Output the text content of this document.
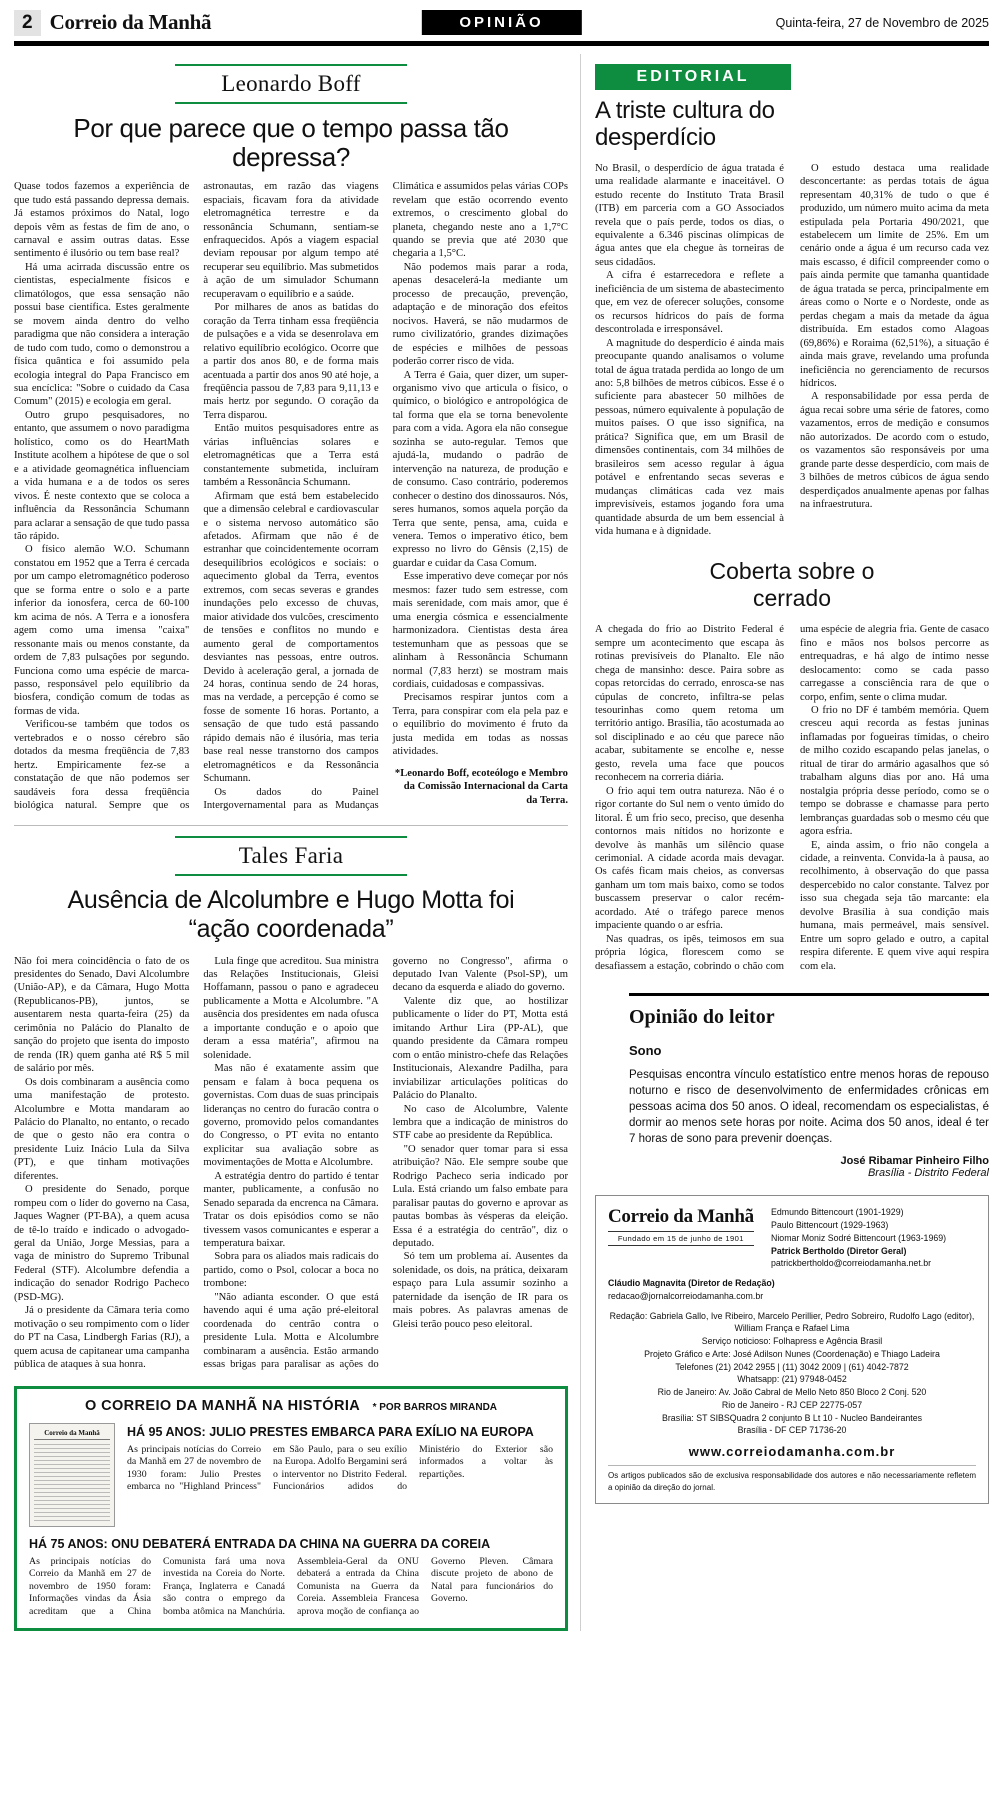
2 Correio da Manhã	OPINIÃO	Quinta-feira, 27 de Novembro de 2025
Leonardo Boff
Por que parece que o tempo passa tão depressa?

Quase todos fazemos a experiência de que tudo está passando depressa demais. Já estamos próximos do Natal, logo depois vêm as festas de fim de ano, o carnaval e assim outras datas. Esse sentimento é ilusório ou tem base real?

Há uma acirrada discussão entre os cientistas, especialmente físicos e climatólogos, que essa sensação não possui base científica. Estes geralmente se movem ainda dentro do velho paradigma que não considera a interação de tudo com tudo, como o demonstrou a física quântica e foi assumido pela ecologia integral do Papa Francisco em sua encíclica: "Sobre o cuidado da Casa Comum" (2015) e ecologia em geral.

Outro grupo pesquisadores, no entanto, que assumem o novo paradigma holístico, como os do HeartMath Institute acolhem a hipótese de que o sol e a atividade geomagnética influenciam a vida humana e a de todos os seres vivos. É neste contexto que se coloca a influência da Ressonância Schumann para aclarar a sensação de que tudo passa tão rápido.

O físico alemão W.O. Schumann constatou em 1952 que a Terra é cercada por um campo eletromagnético poderoso que se forma entre o solo e a parte inferior da ionosfera, cerca de 60-100 km acima de nós. A Terra e a ionosfera agem como uma imensa "caixa" ressonante mais ou menos constante, da ordem de 7,83 pulsações por segundo. Funciona como uma espécie de marca-passo, responsável pelo equilíbrio da biosfera, condição comum de todas as formas de vida.

Verificou-se também que todos os vertebrados e o nosso cérebro são dotados da mesma freqüência de 7,83 hertz. Empiricamente fez-se a constatação de que não podemos ser saudáveis fora dessa freqüência biológica natural. Sempre que os astronautas, em razão das viagens espaciais, ficavam fora da atividade eletromagnética terrestre e da ressonância Schumann, sentiam-se enfraquecidos. Após a viagem espacial deviam repousar por algum tempo até recuperar seu equilíbrio. Mas submetidos à ação de um simulador Schumann recuperavam o equilíbrio e a saúde.

Por milhares de anos as batidas do coração da Terra tinham essa freqüência de pulsações e a vida se desenrolava em relativo equilíbrio ecológico. Ocorre que a partir dos anos 80, e de forma mais acentuada a partir dos anos 90 até hoje, a freqüência passou de 7,83 para 9,11,13 e mais hertz por segundo. O coração da Terra disparou.

Então muitos pesquisadores entre as várias influências solares e eletromagnéticas que a Terra está constantemente submetida, incluíram também a Ressonância Schumann.

Afirmam que está bem estabelecido que a dimensão celebral e cardiovascular e o sistema nervoso automático são afetados. Afirmam que não é de estranhar que coincidentemente ocorram desequilíbrios ecológicos e sociais: o aquecimento global da Terra, eventos extremos, com secas severas e grandes inundações pelo excesso de chuvas, maior atividade dos vulcões, crescimento de tensões e conflitos no mundo e aumento geral de comportamentos desviantes nas pessoas, entre outros. Devido à aceleração geral, a jornada de 24 horas, continua sendo de 24 horas, mas na verdade, a percepção é como se fosse de somente 16 horas. Portanto, a sensação de que tudo está passando rápido demais não é ilusória, mas teria base real nesse transtorno dos campos eletromagnéticos e da Ressonância Schumann.

Os dados do Painel Intergovernamental para as Mudanças Climática e assumidos pelas várias COPs revelam que estão ocorrendo evento extremos, o crescimento global do planeta, chegando neste ano a 1,7°C quando se previa que até 2030 que chegaria a 1,5°C.

Não podemos mais parar a roda, apenas desacelerá-la mediante um processo de precaução, prevenção, adaptação e de minoração dos efeitos nocivos. Haverá, se não mudarmos de rumo civilizatório, grandes dizimações de espécies e milhões de pessoas poderão correr risco de vida.

A Terra é Gaia, quer dizer, um super-organismo vivo que articula o físico, o químico, o biológico e antropológica de tal forma que ela se torna benevolente para com a vida. Agora ela não consegue sozinha se auto-regular. Temos que ajudá-la, mudando o padrão de intervenção na natureza, de produção e de consumo. Caso contrário, poderemos conhecer o destino dos dinossauros. Nós, seres humanos, somos aquela porção da Terra que sente, pensa, ama, cuida e venera. Temos o imperativo ético, bem expresso no livro do Gênsis (2,15) de guardar e cuidar da Casa Comum.

Esse imperativo deve começar por nós mesmos: fazer tudo sem estresse, com mais serenidade, com mais amor, que é uma energia cósmica e essencialmente harmonizadora. Cientistas desta área testemunham que as pessoas que se alinham à Ressonância Schumann normal (7,83 herzt) se mostram mais cordiais, cuidadosas e compassivas.

Precisamos respirar juntos com a Terra, para conspirar com ela pela paz e o equilíbrio do movimento é fruto da justa medida em todas as nossas atividades.

*Leonardo Boff, ecoteólogo e Membro da Comissão Internacional da Carta da Terra.
Tales Faria
Ausência de Alcolumbre e Hugo Motta foi “ação coordenada”

Não foi mera coincidência o fato de os presidentes do Senado, Davi Alcolumbre (União-AP), e da Câmara, Hugo Motta (Republicanos-PB), juntos, se ausentarem nesta quarta-feira (25) da cerimônia no Palácio do Planalto de sanção do projeto que isenta do imposto de renda (IR) quem ganha até R$ 5 mil de salário por mês.

Os dois combinaram a ausência como uma manifestação de protesto. Alcolumbre e Motta mandaram ao Palácio do Planalto, no entanto, o recado de que o gesto não era contra o presidente Luiz Inácio Lula da Silva (PT), e que tinham motivações diferentes.

O presidente do Senado, porque rompeu com o líder do governo na Casa, Jaques Wagner (PT-BA), a quem acusa de tê-lo traído e indicado o advogado-geral da União, Jorge Messias, para a vaga de ministro do Supremo Tribunal Federal (STF). Alcolumbre defendia a indicação do senador Rodrigo Pacheco (PSD-MG).

Já o presidente da Câmara teria como motivação o seu rompimento com o líder do PT na Casa, Lindbergh Farias (RJ), a quem acusa de capitanear uma campanha pública de ataques à sua honra.

Lula finge que acreditou. Sua ministra das Relações Institucionais, Gleisi Hoffamann, passou o pano e agradeceu publicamente a Motta e Alcolumbre. "A ausência dos presidentes em nada ofusca a importante condução e o apoio que deram a essa matéria", afirmou na solenidade.

Mas não é exatamente assim que pensam e falam à boca pequena os governistas. Com duas de suas principais lideranças no centro do furacão contra o governo, promovido pelos comandantes do Congresso, o PT evita no entanto explicitar sua avaliação sobre as movimentações de Motta e Alcolumbre.

A estratégia dentro do partido é tentar manter, publicamente, a confusão no Senado separada da encrenca na Câmara. Tratar os dois episódios como se não tivessem vasos comunicantes e esperar a temperatura baixar.

Sobra para os aliados mais radicais do partido, como o Psol, colocar a boca no trombone:

"Não adianta esconder. O que está havendo aqui é uma ação pré-eleitoral coordenada do centrão contra o presidente Lula. Motta e Alcolumbre combinaram a ausência. Estão armando essas brigas para paralisar as ações do governo no Congresso", afirma o deputado Ivan Valente (Psol-SP), um decano da esquerda e aliado do governo.

Valente diz que, ao hostilizar publicamente o líder do PT, Motta está imitando Arthur Lira (PP-AL), que quando presidente da Câmara rompeu com o então ministro-chefe das Relações Institucionais, Alexandre Padilha, para inviabilizar articulações políticas do Palácio do Planalto.

No caso de Alcolumbre, Valente lembra que a indicação de ministros do STF cabe ao presidente da República.

"O senador quer tomar para si essa atribuição? Não. Ele sempre soube que Rodrigo Pacheco seria indicado por Lula. Está criando um falso embate para paralisar pautas do governo e aprovar as pautas bombas às vésperas da eleição. Essa é a estratégia do centrão", diz o deputado.

Só tem um problema aí. Ausentes da solenidade, os dois, na prática, deixaram espaço para Lula assumir sozinho a paternidade da isenção de IR para os mais pobres. As palavras amenas de Gleisi terão pouco peso eleitoral.

O CORREIO DA MANHÃ NA HISTÓRIA * POR BARROS MIRANDA
Correio da Manhã	HÁ 95 ANOS: JULIO PRESTES EMBARCA PARA EXÍLIO NA EUROPA
As principais notícias do Correio da Manhã em 27 de novembro de 1930 foram: Julio Prestes embarca no "Highland Princess" em São Paulo, para o seu exílio na Europa. Adolfo Bergamini será o interventor no Distrito Federal. Funcionários adidos do Ministério do Exterior são informados a voltar às repartições.
HÁ 75 ANOS: ONU DEBATERÁ ENTRADA DA CHINA NA GUERRA DA COREIA
As principais notícias do Correio da Manhã em 27 de novembro de 1950 foram: Informações vindas da Ásia acreditam que a China Comunista fará uma nova investida na Coreia do Norte. França, Inglaterra e Canadá são contra o emprego da bomba atômica na Manchúria. Assembleia-Geral da ONU debaterá a entrada da China Comunista na Guerra da Coreia. Assembleia Francesa aprova moção de confiança ao Governo Pleven. Câmara discute projeto de abono de Natal para funcionários do Governo.
EDITORIAL
A triste cultura do desperdício

No Brasil, o desperdício de água tratada é uma realidade alarmante e inaceitável. O estudo recente do Instituto Trata Brasil (ITB) em parceria com a GO Associados revela que o país perde, todos os dias, o equivalente a 6.346 piscinas olímpicas de água antes que ela chegue às torneiras de seus cidadãos.

A cifra é estarrecedora e reflete a ineficiência de um sistema de abastecimento que, em vez de oferecer soluções, consome os recursos hídricos do país de forma descontrolada e irresponsável.

A magnitude do desperdício é ainda mais preocupante quando analisamos o volume total de água tratada perdida ao longo de um ano: 5,8 bilhões de metros cúbicos. Esse é o suficiente para abastecer 50 milhões de pessoas, número equivalente à população de muitos países. O que isso significa, na prática? Significa que, em um Brasil de dimensões continentais, com 34 milhões de brasileiros sem acesso regular à água potável e enfrentando secas severas e mudanças climáticas cada vez mais imprevisíveis, estamos jogando fora uma quantidade absurda de um bem essencial à vida humana e à dignidade.

O estudo destaca uma realidade desconcertante: as perdas totais de água representam 40,31% de tudo o que é produzido, um número muito acima da meta estipulada pela Portaria 490/2021, que estabelecem um limite de 25%. Em um cenário onde a água é um recurso cada vez mais escasso, é difícil compreender como o país ainda permite que tamanha quantidade de água tratada se perca, principalmente em áreas como o Norte e o Nordeste, onde as perdas chegam a mais da metade da água distribuída. Em estados como Alagoas (69,86%) e Roraima (62,51%), a situação é ainda mais grave, revelando uma profunda ineficiência no gerenciamento de recursos hídricos.

A responsabilidade por essa perda de água recai sobre uma série de fatores, como vazamentos, erros de medição e consumos não autorizados. De acordo com o estudo, os vazamentos são responsáveis por uma grande parte desse desperdício, com mais de 3 bilhões de metros cúbicos de água sendo desperdiçados anualmente apenas por falhas na infraestrutura.

Coberta sobre o cerrado

A chegada do frio ao Distrito Federal é sempre um acontecimento que escapa às rotinas previsíveis do Planalto. Ele não chega de mansinho: desce. Paira sobre as copas retorcidas do cerrado, enrosca-se nas cúpulas de concreto, infiltra-se pelas tesourinhas como quem retoma um território antigo. Brasília, tão acostumada ao sol disciplinado e ao céu que parece não acabar, subitamente se encolhe e, nesse gesto, revela uma face que poucos reconhecem na correria diária.

O frio aqui tem outra natureza. Não é o rigor cortante do Sul nem o vento úmido do litoral. É um frio seco, preciso, que desenha contornos mais nítidos no horizonte e devolve às manhãs um silêncio quase cerimonial. A cidade acorda mais devagar. Os cafés ficam mais cheios, as conversas ganham um tom mais baixo, como se todos buscassem preservar o calor recém-acordado. Até o tráfego parece menos impaciente quando o ar esfria.

Nas quadras, os ipês, teimosos em sua própria lógica, florescem como se desafiassem a estação, cobrindo o chão com uma espécie de alegria fria. Gente de casaco fino e mãos nos bolsos percorre as entrequadras, e há algo de íntimo nesse deslocamento: como se cada passo carregasse a consciência rara de que o corpo, enfim, sente o clima mudar.

O frio no DF é também memória. Quem cresceu aqui recorda as festas juninas inflamadas por fogueiras tímidas, o cheiro de milho cozido escapando pelas janelas, o ritual de tirar do armário agasalhos que só trabalham alguns dias por ano. Há uma nostalgia própria desse período, como se o tempo se dobrasse e chamasse para perto lembranças guardadas sob o mesmo céu que agora esfria.

E, ainda assim, o frio não congela a cidade, a reinventa. Convida-la à pausa, ao recolhimento, à observação do que passa despercebido no calor constante. Talvez por isso sua chegada seja tão marcante: ela devolve Brasília à sua condição mais humana, mais permeável, mais sensível. Entre um sopro gelado e outro, a capital respira diferente. E quem vive aqui respira com ela.

Opinião do leitor
Sono

Pesquisas encontra vínculo estatístico entre menos horas de repouso noturno e risco de desenvolvimento de enfermidades crônicas em pessoas acima dos 50 anos. O ideal, recomendam os especialistas, é dormir ao menos sete horas por noite. Acima dos 50 anos, ideal é ter 7 horas de sono para prevenir doenças.

José Ribamar Pinheiro Filho
Brasília - Distrito Federal
Correio da Manhã
Fundado em 15 de junho de 1901
Edmundo Bittencourt (1901-1929)
Paulo Bittencourt (1929-1963)
Niomar Moniz Sodré Bittencourt (1963-1969)
Patrick Bertholdo (Diretor Geral)
patrickbertholdo@correiodamanha.net.br
Cláudio Magnavita (Diretor de Redação)
redacao@jornalcorreiodamanha.com.br
Redação: Gabriela Gallo, Ive Ribeiro, Marcelo Perillier, Pedro Sobreiro, Rudolfo Lago (editor), William França e Rafael Lima
Serviço noticioso: Folhapress e Agência Brasil
Projeto Gráfico e Arte: José Adilson Nunes (Coordenação) e Thiago Ladeira
Telefones (21) 2042 2955 | (11) 3042 2009 | (61) 4042-7872
Whatsapp: (21) 97948-0452
Rio de Janeiro: Av. João Cabral de Mello Neto 850 Bloco 2 Conj. 520
Rio de Janeiro - RJ CEP 22775-057
Brasília: ST SIBSQuadra 2 conjunto B Lt 10 - Nucleo Bandeirantes
Brasília - DF CEP 71736-20
www.correiodamanha.com.br
Os artigos publicados são de exclusiva responsabilidade dos autores e não necessariamente refletem a opinião da direção do jornal.
